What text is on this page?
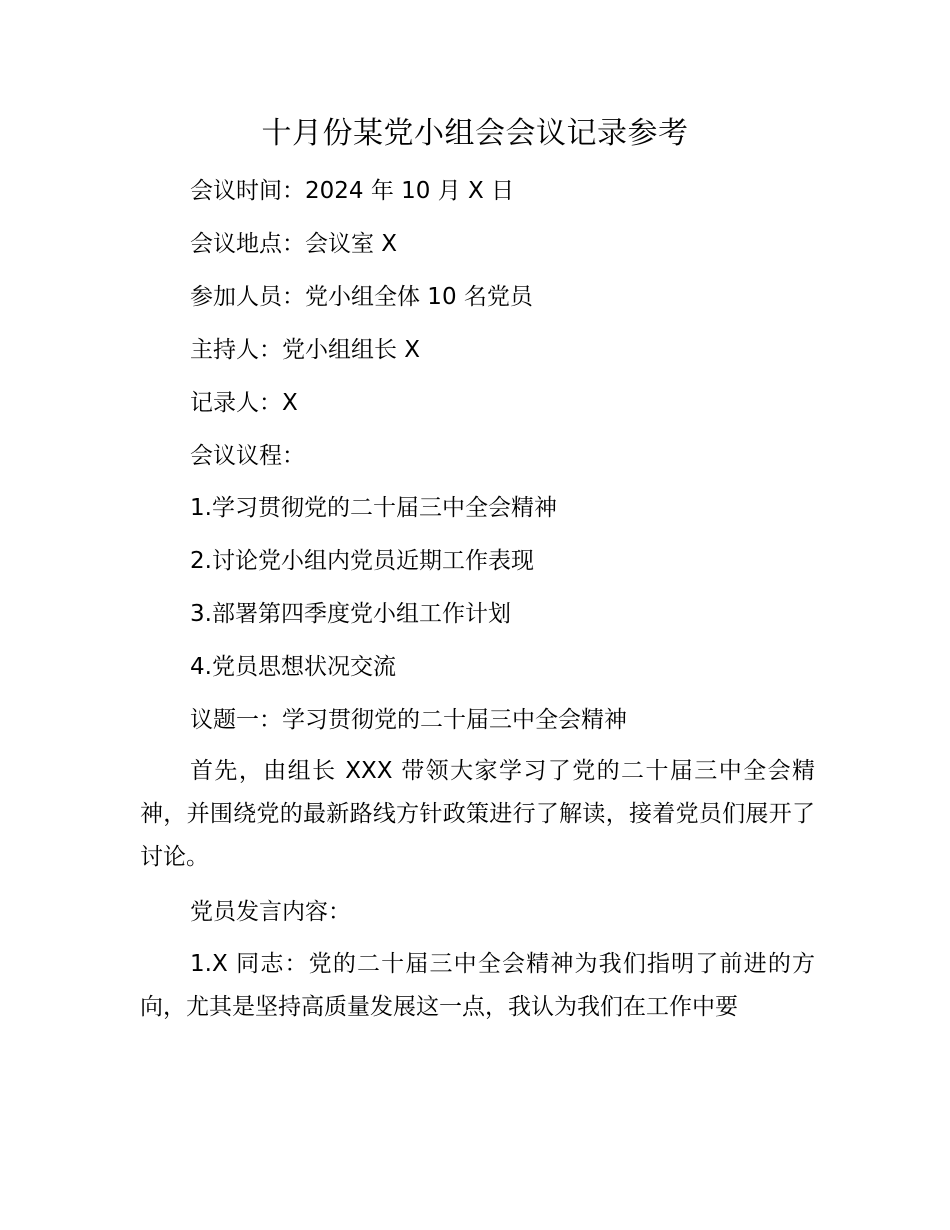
十月份某党小组会会议记录参考
会议时间：2024 年 10 月 X 日
会议地点：会议室 X
参加人员：党小组全体 10 名党员
主持人：党小组组长 X
记录人：X
会议议程：
1.学习贯彻党的二十届三中全会精神
2.讨论党小组内党员近期工作表现
3.部署第四季度党小组工作计划
4.党员思想状况交流
议题一：学习贯彻党的二十届三中全会精神
首先，由组长 XXX 带领大家学习了党的二十届三中全会精神，并围绕党的最新路线方针政策进行了解读，接着党员们展开了讨论。
党员发言内容：
1.X 同志：党的二十届三中全会精神为我们指明了前进的方向，尤其是坚持高质量发展这一点，我认为我们在工作中要
